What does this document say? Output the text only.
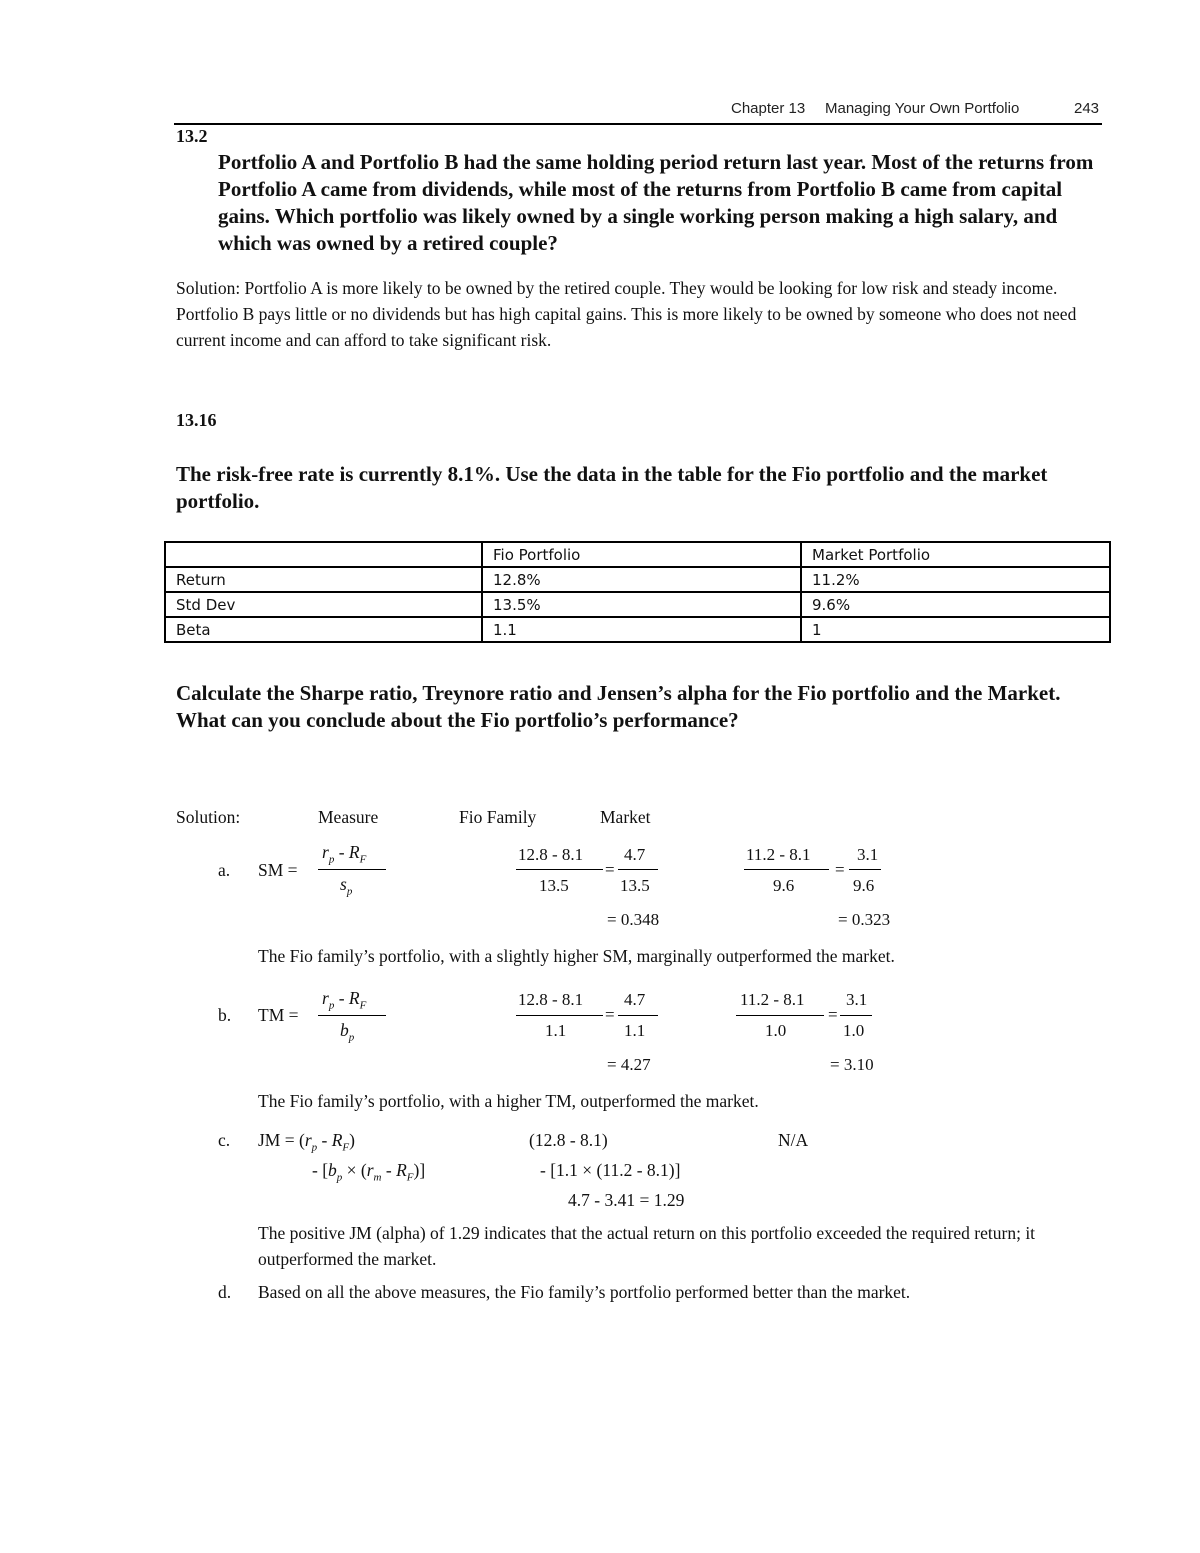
Chapter 13 Managing Your Own Portfolio	243
13.2
Portfolio A and Portfolio B had the same holding period return last year. Most of the returns from Portfolio A came from dividends, while most of the returns from Portfolio B came from capital gains. Which portfolio was likely owned by a single working person making a high salary, and which was owned by a retired couple?
Solution: Portfolio A is more likely to be owned by the retired couple. They would be looking for low risk and steady income. Portfolio B pays little or no dividends but has high capital gains. This is more likely to be owned by someone who does not need current income and can afford to take significant risk.
13.16
The risk-free rate is currently 8.1%. Use the data in the table for the Fio portfolio and the market portfolio.
	Fio Portfolio	Market Portfolio
Return	12.8%	11.2%
Std Dev	13.5%	9.6%
Beta	1.1	1
Calculate the Sharpe ratio, Treynore ratio and Jensen’s alpha for the Fio portfolio and the Market. What can you conclude about the Fio portfolio’s performance?
Solution:	Measure	Fio Family	Market
a. SM =
$r_p - R_F$
$s_p$
12.8 - 8.1
13.5
=
4.7
13.5
= 0.348
11.2 - 8.1
9.6
=
3.1
9.6
= 0.323
The Fio family’s portfolio, with a slightly higher SM, marginally outperformed the market.
b. TM =
$r_p - R_F$
$b_p$
12.8 - 8.1
1.1
=
4.7
1.1
= 4.27
11.2 - 8.1
1.0
=
3.1
1.0
= 3.10
The Fio family’s portfolio, with a higher TM, outperformed the market.
c. JM = $(r_p - R_F)$
- $[b_p \times (r_m - R_F)]$
(12.8 - 8.1)
- [1.1 × (11.2 - 8.1)]
4.7 - 3.41 = 1.29
N/A
The positive JM (alpha) of 1.29 indicates that the actual return on this portfolio exceeded the required return; it outperformed the market.
d. Based on all the above measures, the Fio family’s portfolio performed better than the market.
